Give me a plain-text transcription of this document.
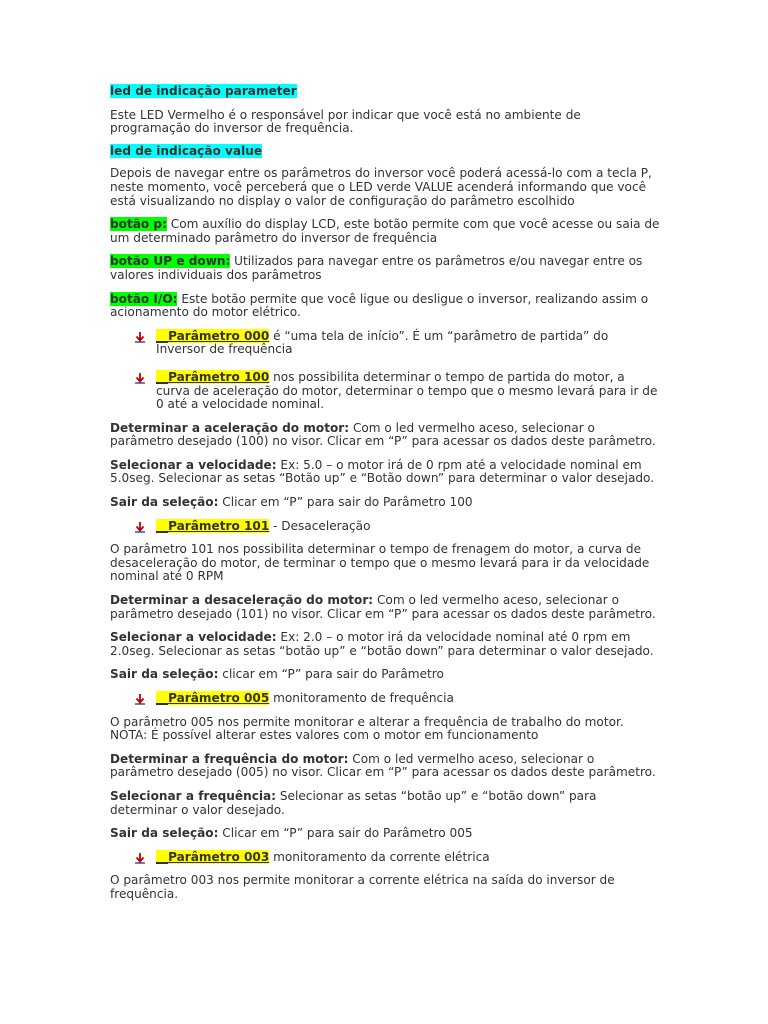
led de indicação parameter

Este LED Vermelho é o responsável por indicar que você está no ambiente de programação do inversor de frequência.

led de indicação value

Depois de navegar entre os parâmetros do inversor você poderá acessá-lo com a tecla P, neste momento, você perceberá que o LED verde VALUE acenderá informando que você está visualizando no display o valor de configuração do parâmetro escolhido

botão p: Com auxílio do display LCD, este botão permite com que você acesse ou saia de um determinado parâmetro do inversor de frequência

botão UP e down: Utilizados para navegar entre os parâmetros e/ou navegar entre os valores individuais dos parâmetros

botão I/O: Este botão permite que você ligue ou desligue o inversor, realizando assim o acionamento do motor elétrico.

__Parâmetro 000 é “uma tela de início”. É um “parâmetro de partida” do Inversor de frequência

__Parâmetro 100 nos possibilita determinar o tempo de partida do motor, a curva de aceleração do motor, determinar o tempo que o mesmo levará para ir de 0 até a velocidade nominal.

Determinar a aceleração do motor: Com o led vermelho aceso, selecionar o parâmetro desejado (100) no visor. Clicar em “P” para acessar os dados deste parâmetro.

Selecionar a velocidade: Ex: 5.0 – o motor irá de 0 rpm até a velocidade nominal em 5.0seg. Selecionar as setas “Botão up” e “Botão down” para determinar o valor desejado.

Sair da seleção: Clicar em “P” para sair do Parâmetro 100

__Parâmetro 101 - Desaceleração

O parâmetro 101 nos possibilita determinar o tempo de frenagem do motor, a curva de desaceleração do motor, de terminar o tempo que o mesmo levará para ir da velocidade nominal até 0 RPM

Determinar a desaceleração do motor: Com o led vermelho aceso, selecionar o parâmetro desejado (101) no visor. Clicar em “P” para acessar os dados deste parâmetro.

Selecionar a velocidade: Ex: 2.0 – o motor irá da velocidade nominal até 0 rpm em 2.0seg. Selecionar as setas “botão up” e “botão down” para determinar o valor desejado.

Sair da seleção: clicar em “P” para sair do Parâmetro

__Parâmetro 005 monitoramento de frequência

O parâmetro 005 nos permite monitorar e alterar a frequência de trabalho do motor. NOTA: É possível alterar estes valores com o motor em funcionamento

Determinar a frequência do motor: Com o led vermelho aceso, selecionar o parâmetro desejado (005) no visor. Clicar em “P” para acessar os dados deste parâmetro.

Selecionar a frequência: Selecionar as setas “botão up” e “botão down” para determinar o valor desejado.

Sair da seleção: Clicar em “P” para sair do Parâmetro 005

__Parâmetro 003 monitoramento da corrente elétrica

O parâmetro 003 nos permite monitorar a corrente elétrica na saída do inversor de frequência.
